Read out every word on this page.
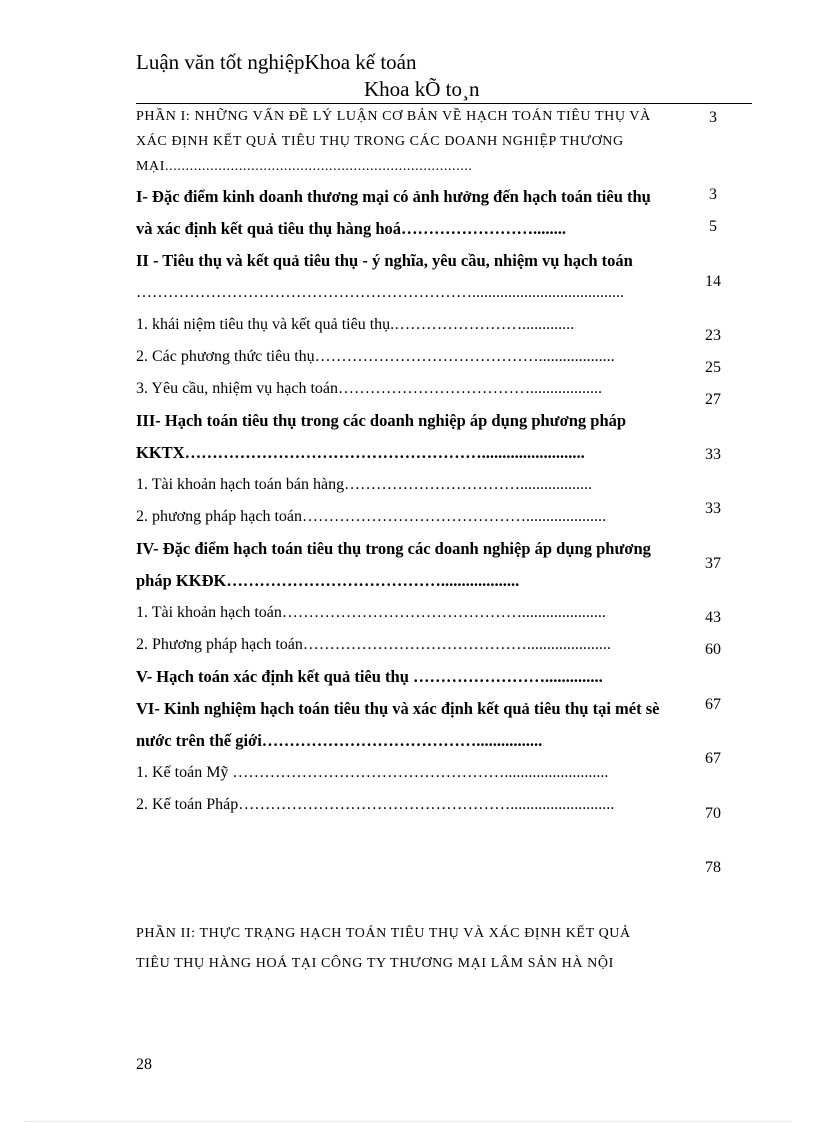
Luận văn tốt nghiệpKhoa kế toán
Khoa kÕ to¸n
PHẦN I: NHỮNG VẤN ĐỀ LÝ LUẬN CƠ BẢN VỀ HẠCH TOÁN TIÊU THỤ VÀ XÁC ĐỊNH KẾT QUẢ TIÊU THỤ TRONG CÁC DOANH NGHIỆP THƯƠNG MẠI...........................................................................
I- Đặc điểm kinh doanh thương mại có ảnh hưởng đến hạch toán tiêu thụ và xác định kết quả tiêu thụ hàng hoá……………………........
II - Tiêu thụ và kết quả tiêu thụ - ý nghĩa, yêu cầu, nhiệm vụ hạch toán
………………………………………………………......................................
1. khái niệm tiêu thụ và kết quả tiêu thụ.…………………….............
2. Các phương thức tiêu thụ……………………………………...................
3. Yêu cầu, nhiệm vụ hạch toán………………………………..................
III- Hạch toán tiêu thụ trong các doanh nghiệp áp dụng phương pháp KKTX……………………………………………….........................
1. Tài khoản hạch toán bán hàng……………………………..................
2. phương pháp hạch toán……………………………………....................
IV- Đặc điểm hạch toán tiêu thụ trong các doanh nghiệp áp dụng phương pháp KKĐK…………………………………...................
1. Tài khoản hạch toán……………………………………….....................
2. Phương pháp hạch toán…………………………………….....................
V- Hạch toán xác định kết quả tiêu thụ ……………………..............
VI- Kinh nghiệm hạch toán tiêu thụ và xác định kết quả tiêu thụ tại mét sè nước trên thế giới…………………………………................
1. Kế toán Mỹ ……………………………………………..........................
2. Kế toán Pháp……………………………………………..........................
PHẦN II: THỰC TRẠNG HẠCH TOÁN TIÊU THỤ VÀ XÁC ĐỊNH KẾT QUẢ TIÊU THỤ HÀNG HOÁ TẠI CÔNG TY THƯƠNG MẠI LÂM SẢN HÀ NỘI
3
3
5
14
23
25
27
33
33
37
43
60
67
67
70
78
28
